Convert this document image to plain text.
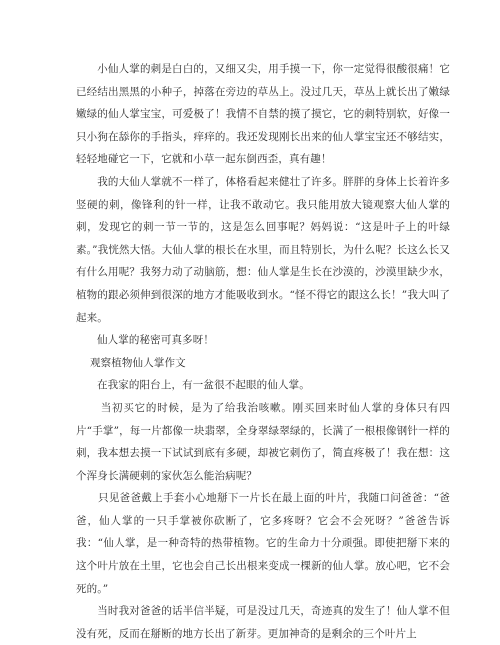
小仙人掌的刺是白白的，又细又尖，用手摸一下，你一定觉得很酸很痛！它已经结出黑黑的小种子，掉落在旁边的草丛上。没过几天，草丛上就长出了嫩绿嫩绿的仙人掌宝宝，可爱极了！我情不自禁的摸了摸它，它的刺特别软，好像一只小狗在舔你的手指头，痒痒的。我还发现刚长出来的仙人掌宝宝还不够结实，轻轻地碰它一下，它就和小草一起东倒西歪，真有趣！

我的大仙人掌就不一样了，体格看起来健壮了许多。胖胖的身体上长着许多竖硬的刺，像锋利的针一样，让我不敢动它。我只能用放大镜观察大仙人掌的刺，发现它的刺一节一节的，这是怎么回事呢？妈妈说：“这是叶子上的叶绿素。”我恍然大悟。大仙人掌的根长在水里，而且特别长，为什么呢？长这么长又有什么用呢？我努力动了动脑筋，想：仙人掌是生长在沙漠的，沙漠里缺少水，植物的跟必须伸到很深的地方才能吸收到水。“怪不得它的跟这么长！”我大叫了起来。

仙人掌的秘密可真多呀！

观察植物仙人掌作文

在我家的阳台上，有一盆很不起眼的仙人掌。

当初买它的时候，是为了给我治咳嗽。刚买回来时仙人掌的身体只有四片“手掌”，每一片都像一块翡翠，全身翠绿翠绿的，长满了一根根像钢针一样的刺，我本想去摸一下试试到底有多硬，却被它刺伤了，简直疼极了！我在想：这个浑身长满硬刺的家伙怎么能治病呢？

只见爸爸戴上手套小心地掰下一片长在最上面的叶片，我随口问爸爸：“爸爸，仙人掌的一只手掌被你砍断了，它多疼呀？它会不会死呀？”爸爸告诉我：“仙人掌，是一种奇特的热带植物。它的生命力十分顽强。即使把掰下来的这个叶片放在土里，它也会自己长出根来变成一棵新的仙人掌。放心吧，它不会死的。”

当时我对爸爸的话半信半疑，可是没过几天，奇迹真的发生了！仙人掌不但没有死，反而在掰断的地方长出了新芽。更加神奇的是剩余的三个叶片上
